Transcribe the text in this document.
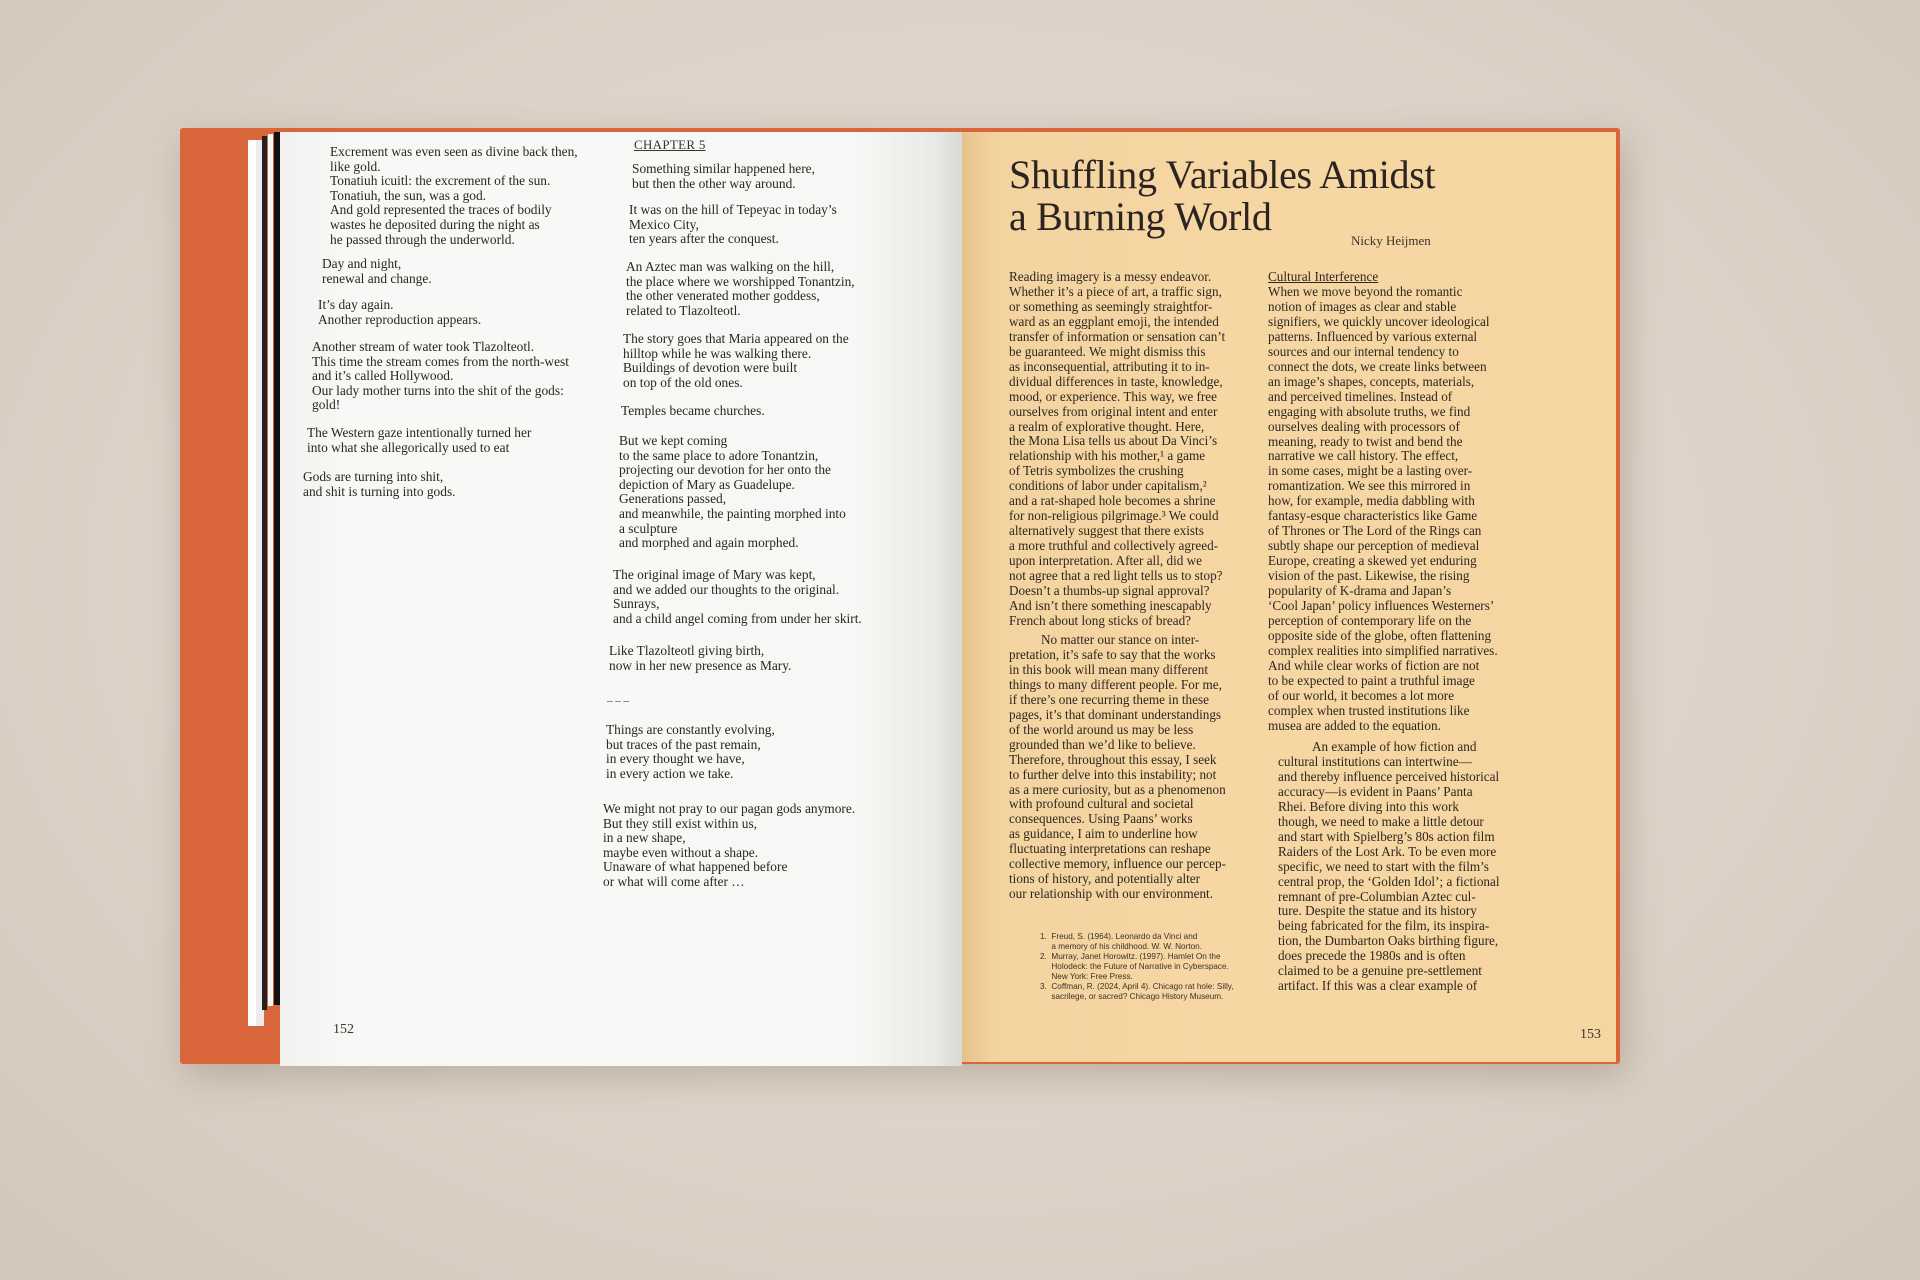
Excrement was even seen as divine back then,
like gold.
Tonatiuh icuitl: the excrement of the sun.
Tonatiuh, the sun, was a god.
And gold represented the traces of bodily
wastes he deposited during the night as
he passed through the underworld.
Day and night,
renewal and change.
It’s day again.
Another reproduction appears.
Another stream of water took Tlazolteotl.
This time the stream comes from the north-west
and it’s called Hollywood.
Our lady mother turns into the shit of the gods:
gold!
The Western gaze intentionally turned her
into what she allegorically used to eat
Gods are turning into shit,
and shit is turning into gods.
CHAPTER 5
Something similar happened here,
but then the other way around.
It was on the hill of Tepeyac in today’s
Mexico City,
ten years after the conquest.
An Aztec man was walking on the hill,
the place where we worshipped Tonantzin,
the other venerated mother goddess,
related to Tlazolteotl.
The story goes that Maria appeared on the
hilltop while he was walking there.
Buildings of devotion were built
on top of the old ones.
Temples became churches.
But we kept coming
to the same place to adore Tonantzin,
projecting our devotion for her onto the
depiction of Mary as Guadelupe.
Generations passed,
and meanwhile, the painting morphed into
a sculpture
and morphed and again morphed.
The original image of Mary was kept,
and we added our thoughts to the original.
Sunrays,
and a child angel coming from under her skirt.
Like Tlazolteotl giving birth,
now in her new presence as Mary.
– – –
Things are constantly evolving,
but traces of the past remain,
in every thought we have,
in every action we take.
We might not pray to our pagan gods anymore.
But they still exist within us,
in a new shape,
maybe even without a shape.
Unaware of what happened before
or what will come after …
152
Shuffling Variables Amidst
a Burning World
Nicky Heijmen
Reading imagery is a messy endeavor.
Whether it’s a piece of art, a traffic sign,
or something as seemingly straightfor-
ward as an eggplant emoji, the intended
transfer of information or sensation can’t
be guaranteed. We might dismiss this
as inconsequential, attributing it to in-
dividual differences in taste, knowledge,
mood, or experience. This way, we free
ourselves from original intent and enter
a realm of explorative thought. Here,
the Mona Lisa tells us about Da Vinci’s
relationship with his mother,¹ a game
of Tetris symbolizes the crushing
conditions of labor under capitalism,²
and a rat-shaped hole becomes a shrine
for non-religious pilgrimage.³ We could
alternatively suggest that there exists
a more truthful and collectively agreed-
upon interpretation. After all, did we
not agree that a red light tells us to stop?
Doesn’t a thumbs-up signal approval?
And isn’t there something inescapably
French about long sticks of bread?
No matter our stance on inter-
pretation, it’s safe to say that the works
in this book will mean many different
things to many different people. For me,
if there’s one recurring theme in these
pages, it’s that dominant understandings
of the world around us may be less
grounded than we’d like to believe.
Therefore, throughout this essay, I seek
to further delve into this instability; not
as a mere curiosity, but as a phenomenon
with profound cultural and societal
consequences. Using Paans’ works
as guidance, I aim to underline how
fluctuating interpretations can reshape
collective memory, influence our percep-
tions of history, and potentially alter
our relationship with our environment.
1.  Freud, S. (1964). Leonardo da Vinci and
a memory of his childhood. W. W. Norton.
2.  Murray, Janet Horowitz. (1997). Hamlet On the
Holodeck: the Future of Narrative in Cyberspace.
New York: Free Press.
3.  Coffman, R. (2024, April 4). Chicago rat hole: Silly,
sacrilege, or sacred? Chicago History Museum.
Cultural Interference
When we move beyond the romantic
notion of images as clear and stable
signifiers, we quickly uncover ideological
patterns. Influenced by various external
sources and our internal tendency to
connect the dots, we create links between
an image’s shapes, concepts, materials,
and perceived timelines. Instead of
engaging with absolute truths, we find
ourselves dealing with processors of
meaning, ready to twist and bend the
narrative we call history. The effect,
in some cases, might be a lasting over-
romantization. We see this mirrored in
how, for example, media dabbling with
fantasy-esque characteristics like Game
of Thrones or The Lord of the Rings can
subtly shape our perception of medieval
Europe, creating a skewed yet enduring
vision of the past. Likewise, the rising
popularity of K-drama and Japan’s
‘Cool Japan’ policy influences Westerners’
perception of contemporary life on the
opposite side of the globe, often flattening
complex realities into simplified narratives.
And while clear works of fiction are not
to be expected to paint a truthful image
of our world, it becomes a lot more
complex when trusted institutions like
musea are added to the equation.
An example of how fiction and
cultural institutions can intertwine—
and thereby influence perceived historical
accuracy—is evident in Paans’ Panta
Rhei. Before diving into this work
though, we need to make a little detour
and start with Spielberg’s 80s action film
Raiders of the Lost Ark. To be even more
specific, we need to start with the film’s
central prop, the ‘Golden Idol’; a fictional
remnant of pre-Columbian Aztec cul-
ture. Despite the statue and its history
being fabricated for the film, its inspira-
tion, the Dumbarton Oaks birthing figure,
does precede the 1980s and is often
claimed to be a genuine pre-settlement
artifact. If this was a clear example of
153
